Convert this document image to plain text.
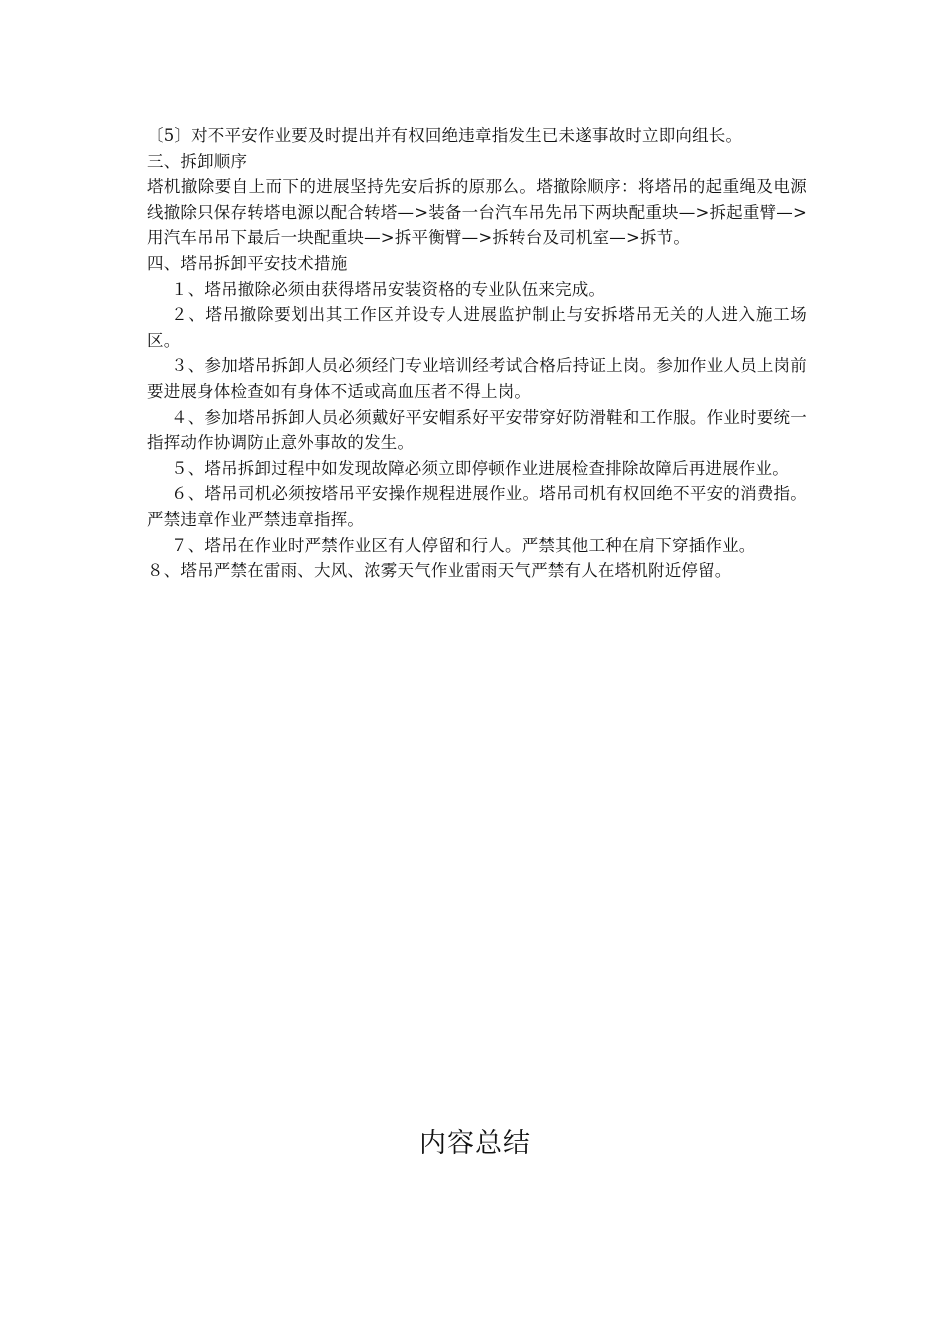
〔5〕对不平安作业要及时提出并有权回绝违章指发生已未遂事故时立即向组长。

三、拆卸顺序

塔机撤除要自上而下的进展坚持先安后拆的原那么。塔撤除顺序：将塔吊的起重绳及电源线撤除只保存转塔电源以配合转塔—>装备一台汽车吊先吊下两块配重块—>拆起重臂—>用汽车吊吊下最后一块配重块—>拆平衡臂—>拆转台及司机室—>拆节。

四、塔吊拆卸平安技术措施

１、塔吊撤除必须由获得塔吊安装资格的专业队伍来完成。

２、塔吊撤除要划出其工作区并设专人进展监护制止与安拆塔吊无关的人进入施工场区。

３、参加塔吊拆卸人员必须经门专业培训经考试合格后持证上岗。参加作业人员上岗前要进展身体检查如有身体不适或高血压者不得上岗。

４、参加塔吊拆卸人员必须戴好平安帽系好平安带穿好防滑鞋和工作服。作业时要统一指挥动作协调防止意外事故的发生。

５、塔吊拆卸过程中如发现故障必须立即停顿作业进展检查排除故障后再进展作业。

６、塔吊司机必须按塔吊平安操作规程进展作业。塔吊司机有权回绝不平安的消费指。严禁违章作业严禁违章指挥。

７、塔吊在作业时严禁作业区有人停留和行人。严禁其他工种在肩下穿插作业。

８、塔吊严禁在雷雨、大风、浓雾天气作业雷雨天气严禁有人在塔机附近停留。

内容总结
